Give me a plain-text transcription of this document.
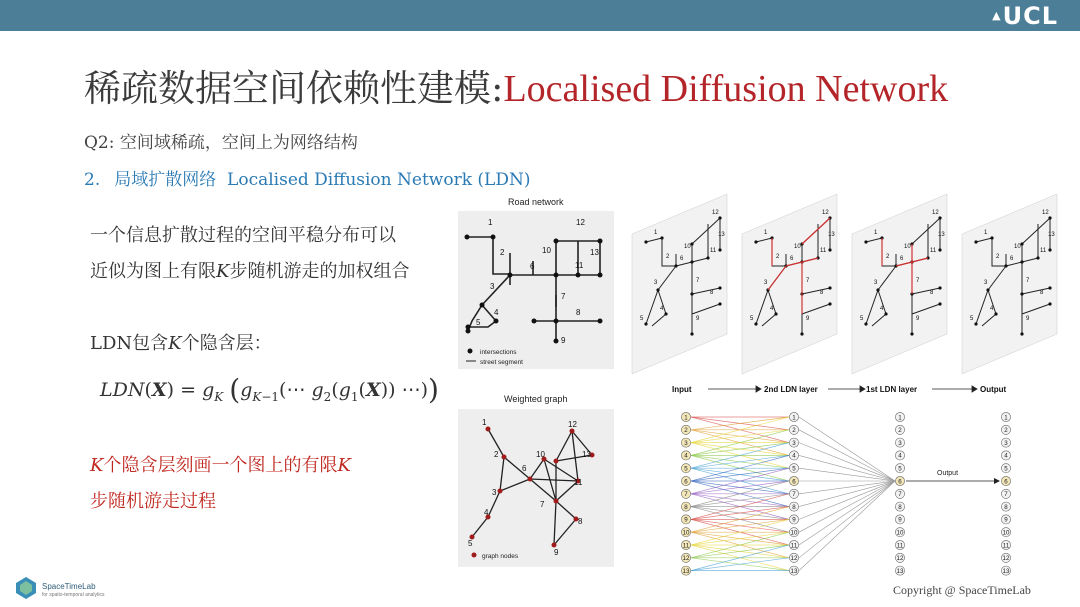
▲UCL
稀疏数据空间依赖性建模:Localised Diffusion Network
Q2: 空间域稀疏，空间上为网络结构
2. 局域扩散网络 Localised Diffusion Network (LDN)
一个信息扩散过程的空间平稳分布可以
近似为图上有限K步随机游走的加权组合
LDN包含K个隐含层：
$LDN(X) = g_K$ ($g_{K-1}(\cdots$ $g_2(g_1(X))$ ⋯))
K个隐含层刻画一个图上的有限K
步随机游走过程
Road network
1
2
3
4
5
6
7
8
9
10
11
12
13
intersections
street segment
Weighted graph
1
2
3
4
5
6
7
8
9
10
11
12
13
graph nodes
Input	2nd LDN layer	1st LDN layer	Output
1
2
3
4
5
6
7
8
9
10
11
12
13
1
2
3
4
5
6
7
8
9
10
11
12
13
1
2
3
4
5
6
7
8
9
10
11
12
13
1
2
3
4
5
6
7
8
9
10
11
12
13
Output
SpaceTimeLab
for spatio-temporal analytics	Copyright @ SpaceTimeLab
